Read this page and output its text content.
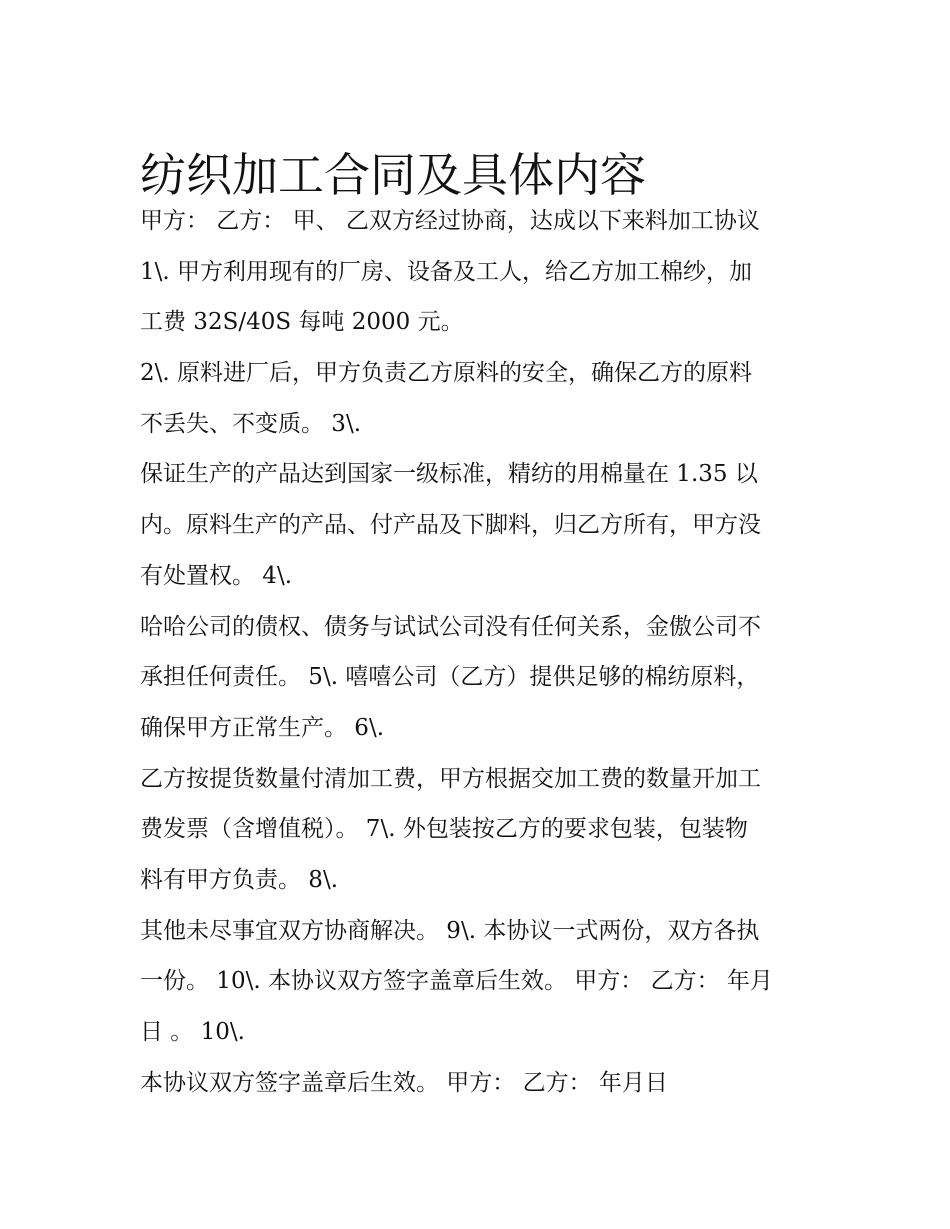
纺织加工合同及具体内容
甲方： 乙方： 甲、 乙双方经过协商，达成以下来料加工协议
1\. 甲方利用现有的厂房、设备及工人，给乙方加工棉纱，加
工费 32S/40S 每吨 2000 元。
2\. 原料进厂后，甲方负责乙方原料的安全，确保乙方的原料
不丢失、不变质。 3\.
保证生产的产品达到国家一级标准，精纺的用棉量在 1.35 以
内。原料生产的产品、付产品及下脚料，归乙方所有，甲方没
有处置权。 4\.
哈哈公司的债权、债务与试试公司没有任何关系，金傲公司不
承担任何责任。 5\. 嘻嘻公司（乙方）提供足够的棉纺原料，
确保甲方正常生产。 6\.
乙方按提货数量付清加工费，甲方根据交加工费的数量开加工
费发票（含增值税）。 7\. 外包装按乙方的要求包装，包装物
料有甲方负责。 8\.
其他未尽事宜双方协商解决。 9\. 本协议一式两份，双方各执
一份。 10\. 本协议双方签字盖章后生效。 甲方： 乙方： 年月
日 。 10\.
本协议双方签字盖章后生效。 甲方： 乙方： 年月日
